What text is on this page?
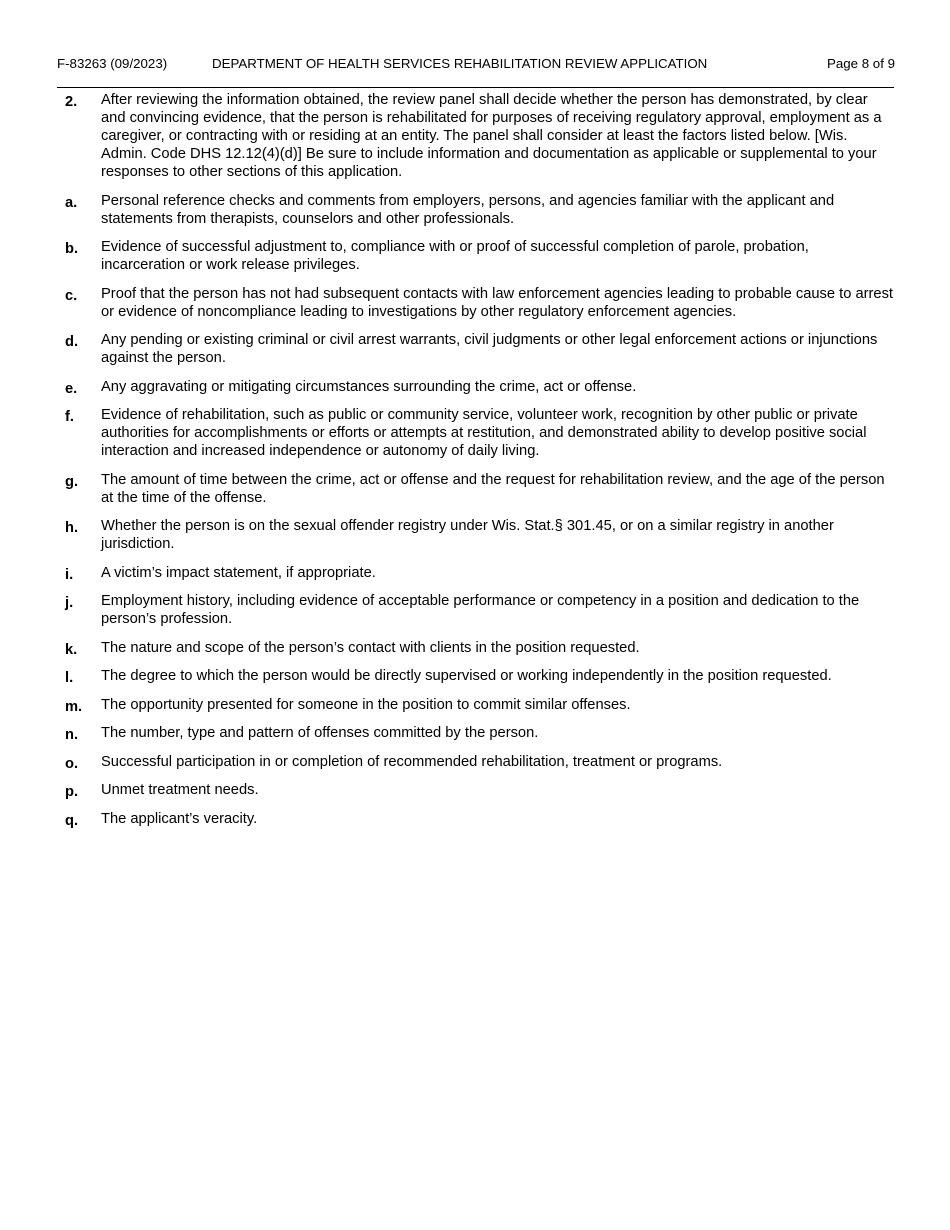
F-83263 (09/2023)	DEPARTMENT OF HEALTH SERVICES REHABILITATION REVIEW APPLICATION	Page 8 of 9
2.	After reviewing the information obtained, the review panel shall decide whether the person has demonstrated, by clear and convincing evidence, that the person is rehabilitated for purposes of receiving regulatory approval, employment as a caregiver, or contracting with or residing at an entity. The panel shall consider at least the factors listed below. [Wis. Admin. Code DHS 12.12(4)(d)] Be sure to include information and documentation as applicable or supplemental to your responses to other sections of this application.
a.	Personal reference checks and comments from employers, persons, and agencies familiar with the applicant and statements from therapists, counselors and other professionals.
b.	Evidence of successful adjustment to, compliance with or proof of successful completion of parole, probation, incarceration or work release privileges.
c.	Proof that the person has not had subsequent contacts with law enforcement agencies leading to probable cause to arrest or evidence of noncompliance leading to investigations by other regulatory enforcement agencies.
d.	Any pending or existing criminal or civil arrest warrants, civil judgments or other legal enforcement actions or injunctions against the person.
e.	Any aggravating or mitigating circumstances surrounding the crime, act or offense.
f.	Evidence of rehabilitation, such as public or community service, volunteer work, recognition by other public or private authorities for accomplishments or efforts or attempts at restitution, and demonstrated ability to develop positive social interaction and increased independence or autonomy of daily living.
g.	The amount of time between the crime, act or offense and the request for rehabilitation review, and the age of the person at the time of the offense.
h.	Whether the person is on the sexual offender registry under Wis. Stat.§ 301.45, or on a similar registry in another jurisdiction.
i.	A victim’s impact statement, if appropriate.
j.	Employment history, including evidence of acceptable performance or competency in a position and dedication to the person’s profession.
k.	The nature and scope of the person’s contact with clients in the position requested.
l.	The degree to which the person would be directly supervised or working independently in the position requested.
m.	The opportunity presented for someone in the position to commit similar offenses.
n.	The number, type and pattern of offenses committed by the person.
o.	Successful participation in or completion of recommended rehabilitation, treatment or programs.
p.	Unmet treatment needs.
q.	The applicant’s veracity.
